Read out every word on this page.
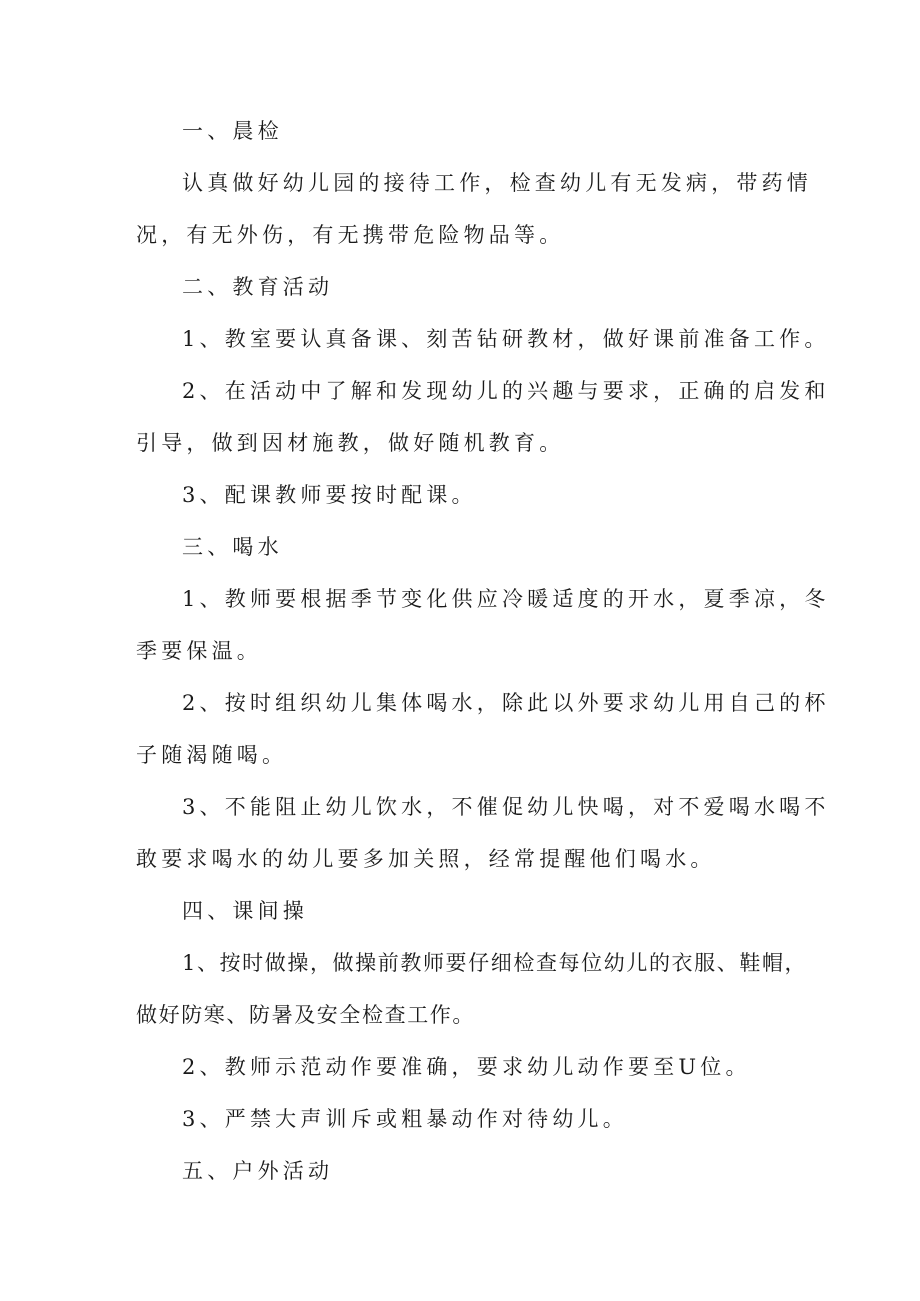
一、晨检
认真做好幼儿园的接待工作，检查幼儿有无发病，带药情
况，有无外伤，有无携带危险物品等。
二、教育活动
1、教室要认真备课、刻苦钻研教材，做好课前准备工作。
2、在活动中了解和发现幼儿的兴趣与要求，正确的启发和
引导，做到因材施教，做好随机教育。
3、配课教师要按时配课。
三、喝水
1、教师要根据季节变化供应冷暖适度的开水，夏季凉，冬
季要保温。
2、按时组织幼儿集体喝水，除此以外要求幼儿用自己的杯
子随渴随喝。
3、不能阻止幼儿饮水，不催促幼儿快喝，对不爱喝水喝不
敢要求喝水的幼儿要多加关照，经常提醒他们喝水。
四、课间操
1、按时做操，做操前教师要仔细检查每位幼儿的衣服、鞋帽，
做好防寒、防暑及安全检查工作。
2、教师示范动作要准确，要求幼儿动作要至U位。
3、严禁大声训斥或粗暴动作对待幼儿。
五、户外活动
